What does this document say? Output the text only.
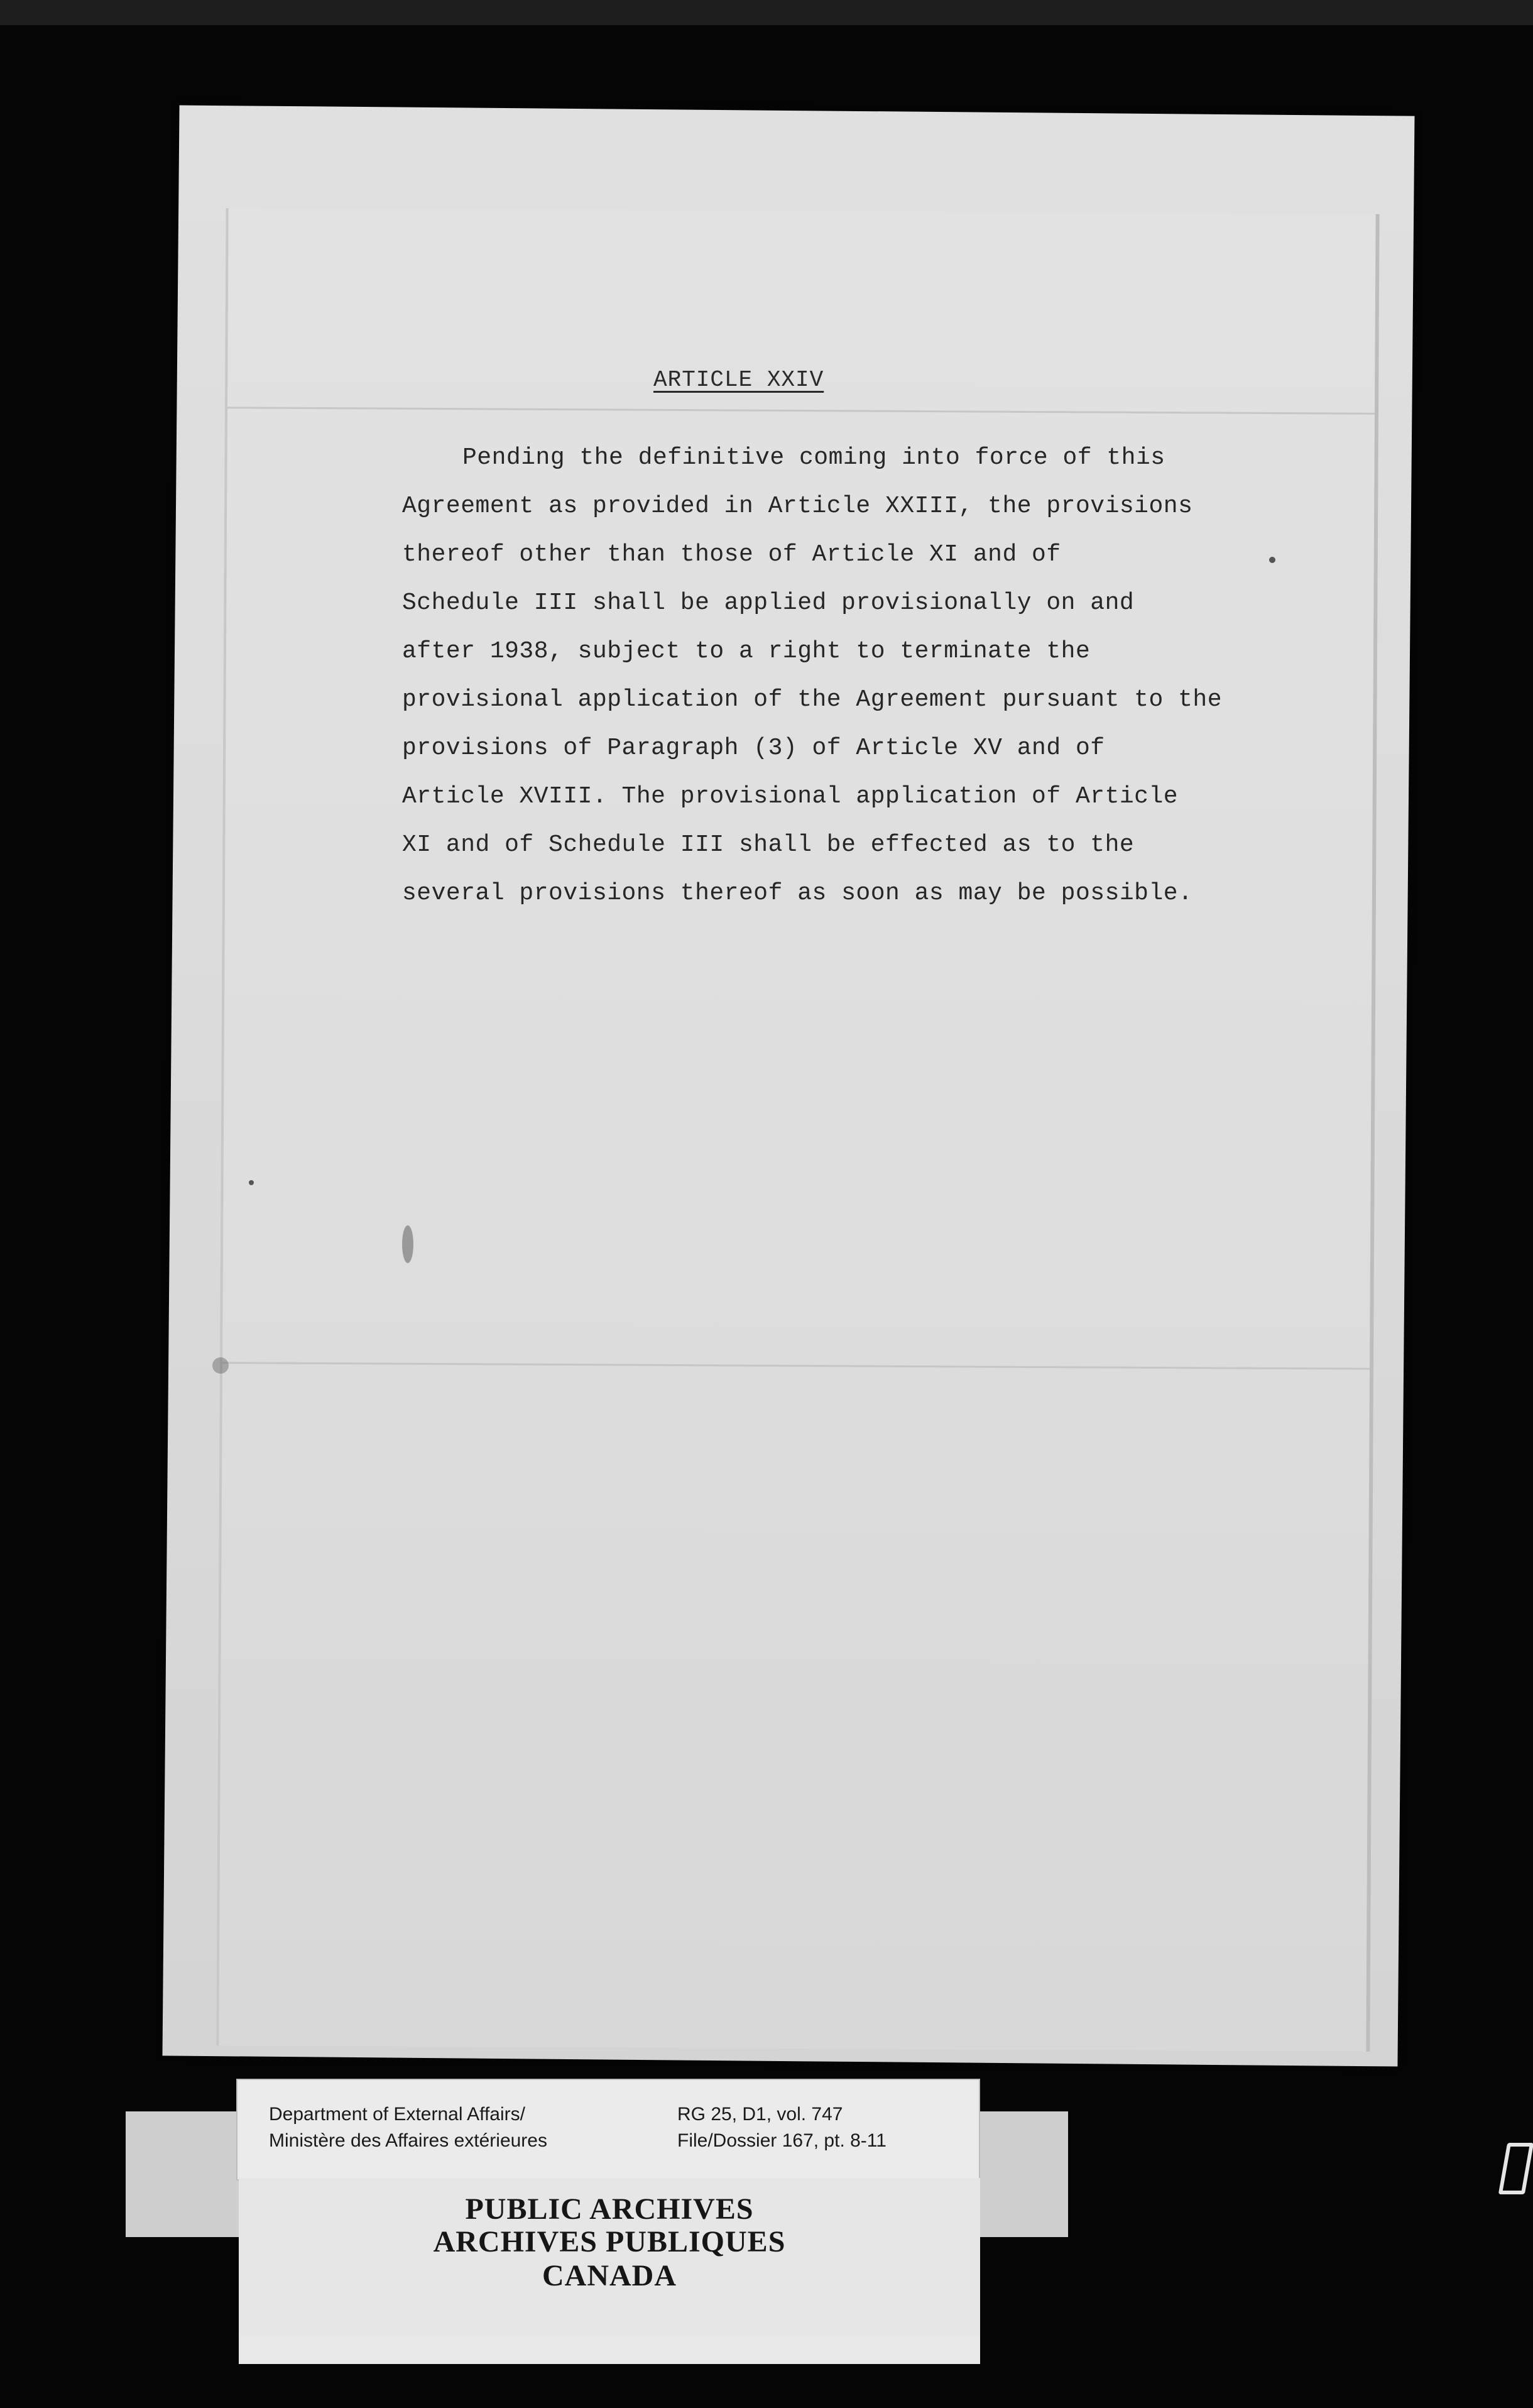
ARTICLE XXIV
Pending the definitive coming into force of this
Agreement as provided in Article XXIII, the provisions
thereof other than those of Article XI and of
Schedule III shall be applied provisionally on and
after 1938, subject to a right to terminate the
provisional application of the Agreement pursuant to the
provisions of Paragraph (3) of Article XV and of
Article XVIII. The provisional application of Article
XI and of Schedule III shall be effected as to the
several provisions thereof as soon as may be possible.
Department of External Affairs/
Ministère des Affaires extérieures
RG 25, D1, vol. 747
File/Dossier 167, pt. 8-11
PUBLIC ARCHIVES
ARCHIVES PUBLIQUES
CANADA
